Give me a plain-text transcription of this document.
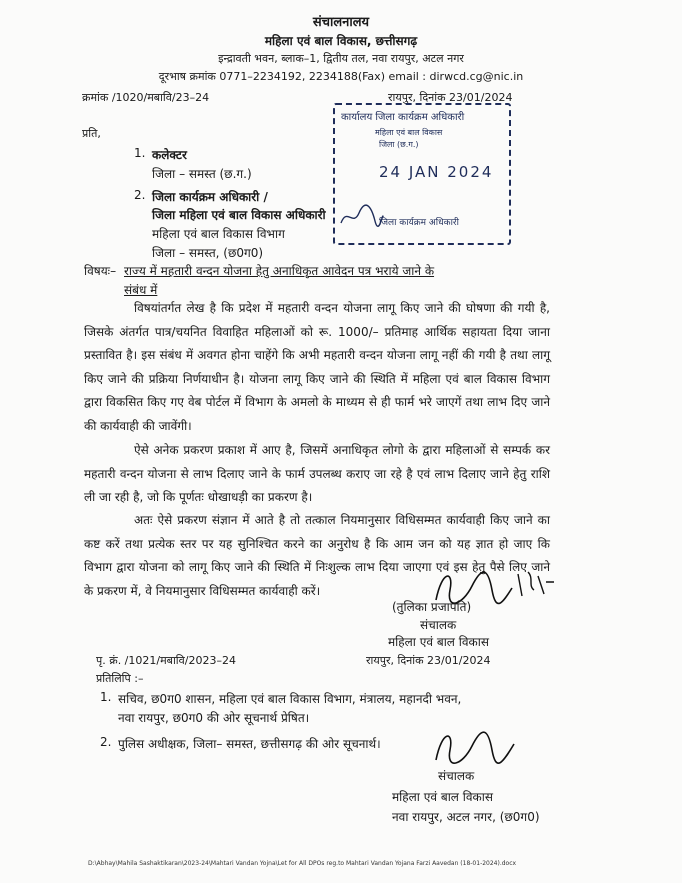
संचालनालय
महिला एवं बाल विकास, छत्तीसगढ़
इन्द्रावती भवन, ब्लाक–1, द्वितीय तल, नवा रायपुर, अटल नगर
दूरभाष क्रमांक 0771–2234192, 2234188(Fax) email : dirwcd.cg@nic.in
क्रमांक /1020/मबावि/23–24	रायपुर, दिनांक 23/01/2024
प्रति,
1. कलेक्टर
जिला – समस्त (छ.ग.)
2. जिला कार्यक्रम अधिकारी /
जिला महिला एवं बाल विकास अधिकारी
महिला एवं बाल विकास विभाग
जिला – समस्त, (छ0ग0)
कार्यालय जिला कार्यक्रम अधिकारी
महिला एवं बाल विकास
जिला (छ.ग.)
24 JAN 2024
जिला कार्यक्रम अधिकारी
विषयः– राज्य में महतारी वन्दन योजना हेतु अनाधिकृत आवेदन पत्र भराये जाने के
संबंध में

विषयांतर्गत लेख है कि प्रदेश में महतारी वन्दन योजना लागू किए जाने की घोषणा की गयी है, जिसके अंतर्गत पात्र/चयनित विवाहित महिलाओं को रू. 1000/– प्रतिमाह आर्थिक सहायता दिया जाना प्रस्तावित है। इस संबंध में अवगत होना चाहेंगे कि अभी महतारी वन्दन योजना लागू नहीं की गयी है तथा लागू किए जाने की प्रक्रिया निर्णयाधीन है। योजना लागू किए जाने की स्थिति में महिला एवं बाल विकास विभाग द्वारा विकसित किए गए वेब पोर्टल में विभाग के अमलो के माध्यम से ही फार्म भरे जाएगें तथा लाभ दिए जाने की कार्यवाही की जावेंगी।

ऐसे अनेक प्रकरण प्रकाश में आए है, जिसमें अनाधिकृत लोगो के द्वारा महिलाओं से सम्पर्क कर महतारी वन्दन योजना से लाभ दिलाए जाने के फार्म उपलब्ध कराए जा रहे है एवं लाभ दिलाए जाने हेतु राशि ली जा रही है, जो कि पूर्णतः धोखाधड़ी का प्रकरण है।

अतः ऐसे प्रकरण संज्ञान में आते है तो तत्काल नियमानुसार विधिसम्मत कार्यवाही किए जाने का कष्ट करें तथा प्रत्येक स्तर पर यह सुनिश्चित करने का अनुरोध है कि आम जन को यह ज्ञात हो जाए कि विभाग द्वारा योजना को लागू किए जाने की स्थिति में निःशुल्क लाभ दिया जाएगा एवं इस हेतु पैसे लिए जाने के प्रकरण में, वे नियमानुसार विधिसम्मत कार्यवाही करें।

(तुलिका प्रजापति)
संचालक
महिला एवं बाल विकास
पृ. क्रं. /1021/मबावि/2023–24	रायपुर, दिनांक 23/01/2024
प्रतिलिपि :–
1. सचिव, छ0ग0 शासन, महिला एवं बाल विकास विभाग, मंत्रालय, महानदी भवन,
नवा रायपुर, छ0ग0 की ओर सूचनार्थ प्रेषित।
2. पुलिस अधीक्षक, जिला– समस्त, छत्तीसगढ़ की ओर सूचनार्थ।
संचालक
महिला एवं बाल विकास
नवा रायपुर, अटल नगर, (छ0ग0)
D:\Abhay\Mahila Sashaktikaran\2023-24\Mahtari Vandan Yojna\Let for All DPOs reg.to Mahtari Vandan Yojana Farzi Aavedan (18-01-2024).docx
